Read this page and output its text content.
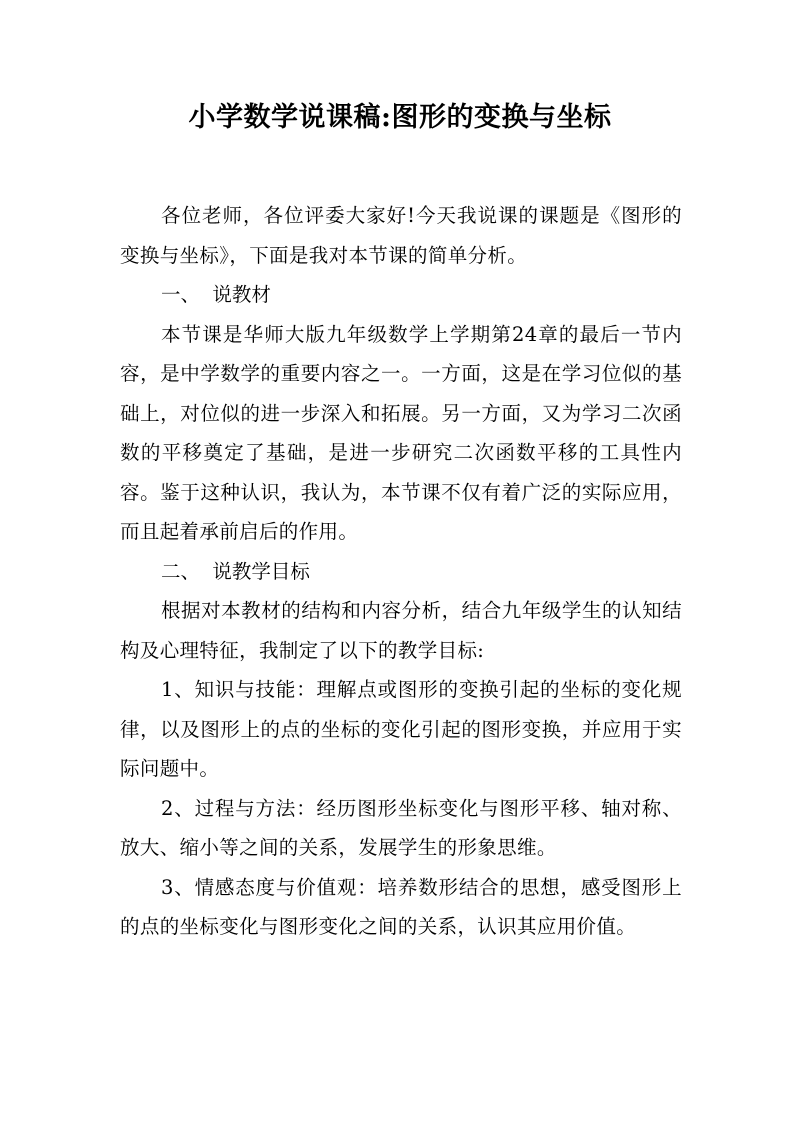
小学数学说课稿:图形的变换与坐标

各位老师，各位评委大家好!今天我说课的课题是《图形的变换与坐标》，下面是我对本节课的简单分析。

一、  说教材

本节课是华师大版九年级数学上学期第24章的最后一节内容，是中学数学的重要内容之一。一方面，这是在学习位似的基础上，对位似的进一步深入和拓展。另一方面，又为学习二次函数的平移奠定了基础，是进一步研究二次函数平移的工具性内容。鉴于这种认识，我认为，本节课不仅有着广泛的实际应用，而且起着承前启后的作用。

二、  说教学目标

根据对本教材的结构和内容分析，结合九年级学生的认知结构及心理特征，我制定了以下的教学目标:

1、知识与技能：理解点或图形的变换引起的坐标的变化规律，以及图形上的点的坐标的变化引起的图形变换，并应用于实际问题中。

2、过程与方法：经历图形坐标变化与图形平移、轴对称、放大、缩小等之间的关系，发展学生的形象思维。

3、情感态度与价值观：培养数形结合的思想，感受图形上的点的坐标变化与图形变化之间的关系，认识其应用价值。
